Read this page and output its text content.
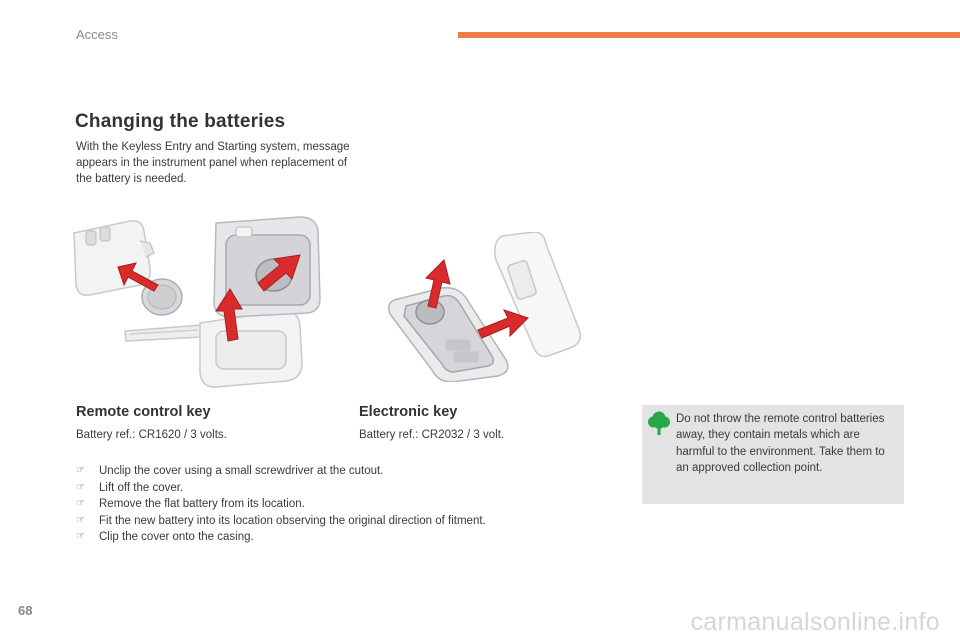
Access
Changing the batteries

With the Keyless Entry and Starting system, message appears in the instrument panel when replacement of the battery is needed.

Remote control key

Battery ref.: CR1620 / 3 volts.

Electronic key

Battery ref.: CR2032 / 3 volt.

☞ Unclip the cover using a small screwdriver at the cutout.
☞ Lift off the cover.
☞ Remove the flat battery from its location.
☞ Fit the new battery into its location observing the original direction of fitment.
☞ Clip the cover onto the casing.

Do not throw the remote control batteries away, they contain metals which are harmful to the environment. Take them to an approved collection point.

68	carmanualsonline.info
